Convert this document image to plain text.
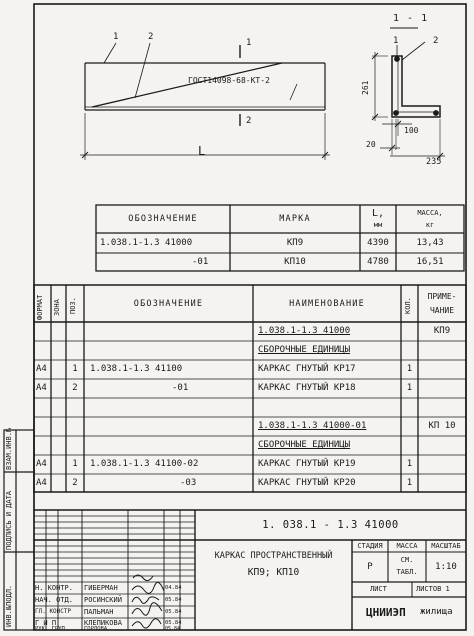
1	2
1
2
ГОСТ14098-68-КТ-2
L
1 - 1
1	2
261
100
20
235
ОБОЗНАЧЕНИЕ	МАРКА	L,
мм
МАССА,
кг
1.038.1-1.3 41000	КП9	4390	13,43
-01	КП10	4780	16,51
ФОРМАТ ЗОНА ПОЗ.	ОБОЗНАЧЕНИЕ	НАИМЕНОВАНИЕ	КОЛ.
ПРИМЕ-
ЧАНИЕ
1.038.1-1.3 41000	КП9
СБОРОЧНЫЕ ЕДИНИЦЫ
А4	1	1.038.1-1.3 41100	КАРКАС ГНУТЫЙ КР17	1
А4	2	-01	КАРКАС ГНУТЫЙ КР18	1
1.038.1-1.3 41000-01	КП 10
СБОРОЧНЫЕ ЕДИНИЦЫ
А4	1	1.038.1-1.3 41100-02	КАРКАС ГНУТЫЙ КР19	1
А4	2	-03	КАРКАС ГНУТЫЙ КР20	1
ВЗАМ.ИНВ.№
ПОДПИСЬ И ДАТА
ИНВ.№ПОДЛ.
1. 038.1 - 1.3 41000
КАРКАС ПРОСТРАНСТВЕННЫЙ
КП9; КП10
СТАДИЯ	МАССА	МАСШТАБ
Р
СМ.
ТАБЛ.	1:10
ЛИСТ	ЛИСТОВ 1
ЦНИИЭП жилища
Н. КОНТР. ГИБЕРМАН	04.84
НАЧ. ОТД. РОСИНСКИЙ	05.84
ГЛ. КОНСТР ПАЛЬМАН	05.84
Г И П	КЛЕПИКОВА	05.84
РУК. ГРУП	ГОРЛОВА	05.84
